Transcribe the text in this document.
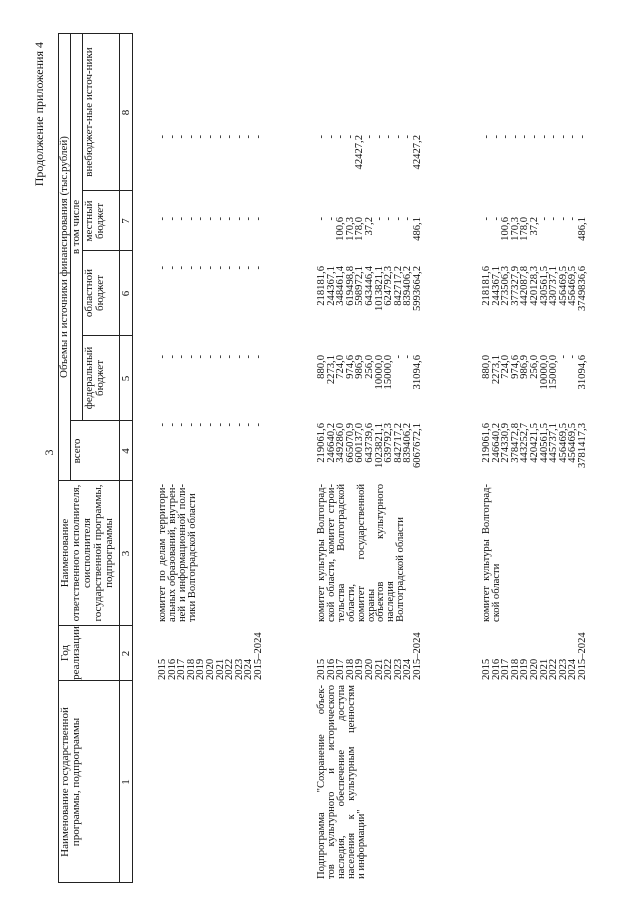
3
Продолжение приложения 4
Наименование государственной программы, подпрограммы
Год реализации
Наименование ответственного исполнителя, соисполнителя государственной программы, подпрограммы
Объемы и источники финансирования (тыс.рублей)
всего
в том числе
федеральный бюджет
областной бюджет
местный бюджет
внебюджет-ные источ-ники
1
2
3
4
5
6
7
8
комитет по делам территори-
альных образований, внутрен-
ней и информационной поли-
тики Волгоградской области
2015
2016
2017
2018
2019
2020
2021
2022
2023
2024
2015–2024
-
-
-
-
-
-
-
-
-
-
-
-
-
-
-
-
-
-
-
-
-
-
-
-
-
-
-
-
-
-
-
-
-
-
-
-
-
-
-
-
-
-
-
-
-
-
-
-
-
-
-
-
-
-
-
Подпрограмма "Сохранение объек-
тов культурного и исторического
наследия, обеспечение доступа
населения к культурным ценностям
и информации"
комитет культуры Волгоград-
ской области, комитет строи-
тельства Волгоградской области,
комитет государственной охраны
объектов культурного наследия
Волгоградской области
2015
2016
2017
2018
2019
2020
2021
2022
2023
2024
2015–2024
219061,6
246640,2
349286,0
665070,9
600137,0
643739,6
1023821,1
639792,3
842717,2
839406,2
6067672,1
880,0
2273,1
724,0
974,6
986,9
256,0
10000,0
15000,0
-
-
31094,6
218181,6
244367,1
348461,4
619498,8
598972,1
643446,4
1013821,1
624792,3
842717,2
839406,2
5993664,2
-
-
100,6
170,3
178,0
37,2
-
-
-
-
486,1
-
-
-
-
42427,2
-
-
-
-
-
42427,2
комитет культуры Волгоград-
ской области
2015
2016
2017
2018
2019
2020
2021
2022
2023
2024
2015–2024
219061,6
246640,2
274330,9
378472,8
443252,7
420421,5
440561,5
445737,1
456469,5
456469,5
3781417,3
880,0
2273,1
724,0
974,6
986,9
256,0
10000,0
15000,0
-
-
31094,6
218181,6
244367,1
273506,3
377327,9
442087,8
420128,3
430561,5
430737,1
456469,5
456469,5
3749836,6
-
-
100,6
170,3
178,0
37,2
-
-
-
-
486,1
-
-
-
-
-
-
-
-
-
-
-
